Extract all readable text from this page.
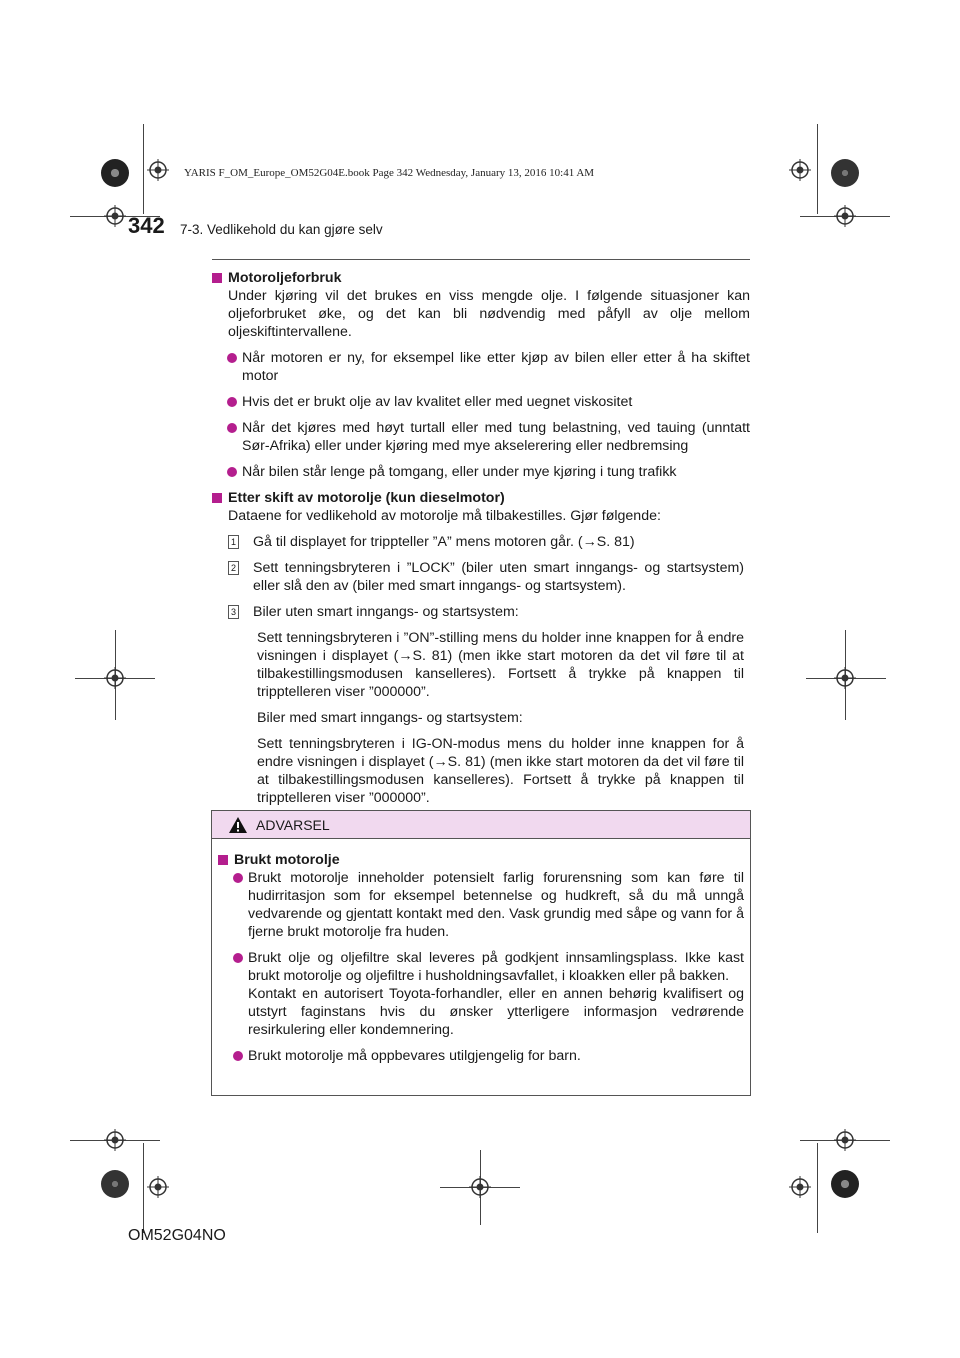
YARIS F_OM_Europe_OM52G04E.book Page 342 Wednesday, January 13, 2016 10:41 AM
342 7-3. Vedlikehold du kan gjøre selv
Motoroljeforbruk
Under kjøring vil det brukes en viss mengde olje. I følgende situasjoner kan oljeforbruket øke, og det kan bli nødvendig med påfyll av olje mellom oljeskiftintervallene.
Når motoren er ny, for eksempel like etter kjøp av bilen eller etter å ha skiftet motor
Hvis det er brukt olje av lav kvalitet eller med uegnet viskositet
Når det kjøres med høyt turtall eller med tung belastning, ved tauing (unntatt Sør-Afrika) eller under kjøring med mye akselerering eller nedbremsing
Når bilen står lenge på tomgang, eller under mye kjøring i tung trafikk
Etter skift av motorolje (kun dieselmotor)
Dataene for vedlikehold av motorolje må tilbakestilles. Gjør følgende:
1 Gå til displayet for trippteller ”A” mens motoren går. (→S. 81)
2 Sett tenningsbryteren i ”LOCK” (biler uten smart inngangs- og startsystem) eller slå den av (biler med smart inngangs- og startsystem).
3 Biler uten smart inngangs- og startsystem:
Sett tenningsbryteren i ”ON”-stilling mens du holder inne knappen for å endre visningen i displayet (→S. 81) (men ikke start motoren da det vil føre til at tilbakestillingsmodusen kanselleres). Fortsett å trykke på knappen til tripptelleren viser ”000000”.
Biler med smart inngangs- og startsystem:
Sett tenningsbryteren i IG-ON-modus mens du holder inne knappen for å endre visningen i displayet (→S. 81) (men ikke start motoren da det vil føre til at tilbakestillingsmodusen kanselleres). Fortsett å trykke på knappen til tripptelleren viser ”000000”.
ADVARSEL
Brukt motorolje
Brukt motorolje inneholder potensielt farlig forurensning som kan føre til hudirritasjon som for eksempel betennelse og hudkreft, så du må unngå vedvarende og gjentatt kontakt med den. Vask grundig med såpe og vann for å fjerne brukt motorolje fra huden.
Brukt olje og oljefiltre skal leveres på godkjent innsamlingsplass. Ikke kast brukt motorolje og oljefiltre i husholdningsavfallet, i kloakken eller på bakken.
Kontakt en autorisert Toyota-forhandler, eller en annen behørig kvalifisert og utstyrt faginstans hvis du ønsker ytterligere informasjon vedrørende resirkulering eller kondemnering.
Brukt motorolje må oppbevares utilgjengelig for barn.
OM52G04NO
